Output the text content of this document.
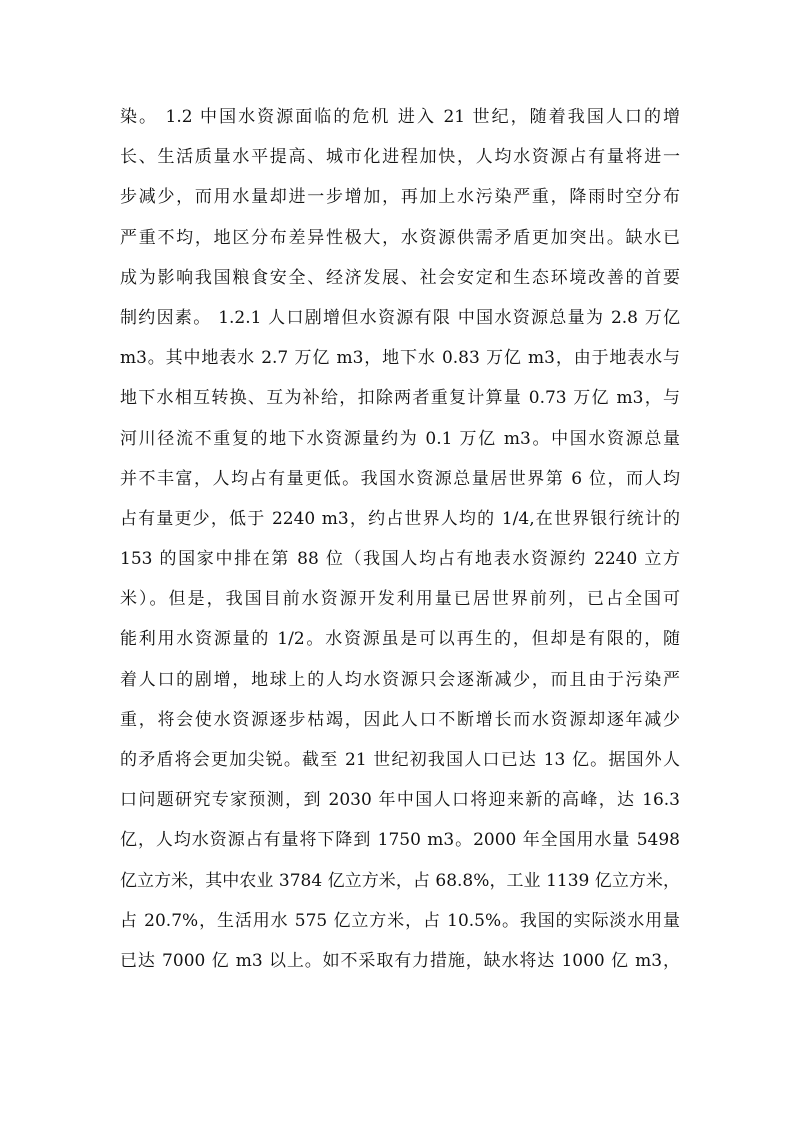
染。 1.2 中国水资源面临的危机 进入 21 世纪，随着我国人口的增
长、生活质量水平提高、城市化进程加快，人均水资源占有量将进一
步减少，而用水量却进一步增加，再加上水污染严重，降雨时空分布
严重不均，地区分布差异性极大，水资源供需矛盾更加突出。缺水已
成为影响我国粮食安全、经济发展、社会安定和生态环境改善的首要
制约因素。 1.2.1 人口剧增但水资源有限 中国水资源总量为 2.8 万亿
m3。其中地表水 2.7 万亿 m3，地下水 0.83 万亿 m3，由于地表水与
地下水相互转换、互为补给，扣除两者重复计算量 0.73 万亿 m3，与
河川径流不重复的地下水资源量约为 0.1 万亿 m3。中国水资源总量
并不丰富，人均占有量更低。我国水资源总量居世界第 6 位，而人均
占有量更少，低于 2240 m3，约占世界人均的 1/4,在世界银行统计的
153 的国家中排在第 88 位（我国人均占有地表水资源约 2240 立方
米）。但是，我国目前水资源开发利用量已居世界前列，已占全国可
能利用水资源量的 1/2。水资源虽是可以再生的，但却是有限的，随
着人口的剧增，地球上的人均水资源只会逐渐减少，而且由于污染严
重，将会使水资源逐步枯竭，因此人口不断增长而水资源却逐年减少
的矛盾将会更加尖锐。截至 21 世纪初我国人口已达 13 亿。据国外人
口问题研究专家预测，到 2030 年中国人口将迎来新的高峰，达 16.3
亿，人均水资源占有量将下降到 1750 m3。2000 年全国用水量 5498
亿立方米，其中农业 3784 亿立方米，占 68.8%，工业 1139 亿立方米，
占 20.7%，生活用水 575 亿立方米，占 10.5%。我国的实际淡水用量
已达 7000 亿 m3 以上。如不采取有力措施，缺水将达 1000 亿 m3，
